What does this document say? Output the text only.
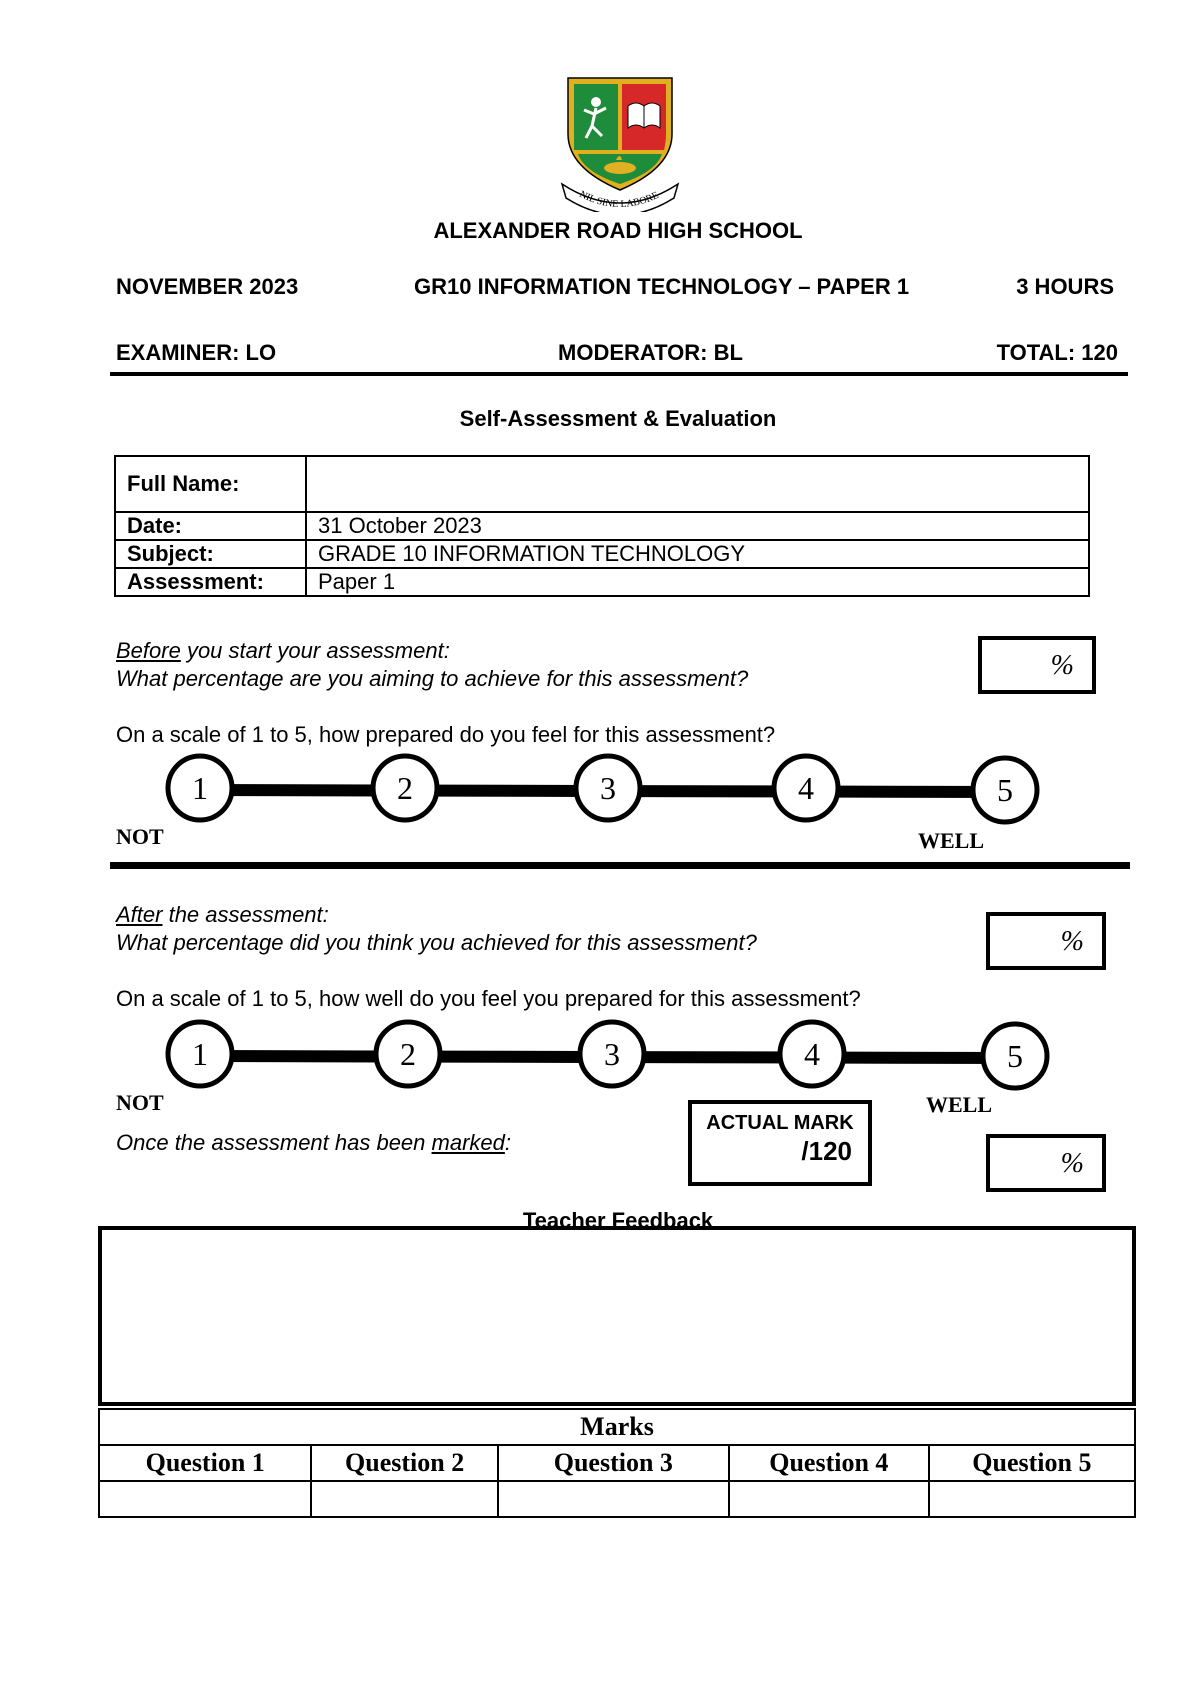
NIL SINE LABORE
ALEXANDER ROAD HIGH SCHOOL
NOVEMBER 2023	GR10 INFORMATION TECHNOLOGY – PAPER 1	3 HOURS
EXAMINER: LO	MODERATOR: BL	TOTAL: 120
Self-Assessment & Evaluation
Full Name:	
Date:	31 October 2023
Subject:	GRADE 10 INFORMATION TECHNOLOGY
Assessment:	Paper 1
Before you start your assessment:
What percentage are you aiming to achieve for this assessment?	%
On a scale of 1 to 5, how prepared do you feel for this assessment?
1	2	3	4	5
NOT	WELL
After the assessment:
What percentage did you think you achieved for this assessment?	%
On a scale of 1 to 5, how well do you feel you prepared for this assessment?
1	2	3	4	5
NOT	WELL
Once the assessment has been marked:
ACTUAL MARK
/120	%
Teacher Feedback
Marks				
Question 1	Question 2	Question 3	Question 4	Question 5
